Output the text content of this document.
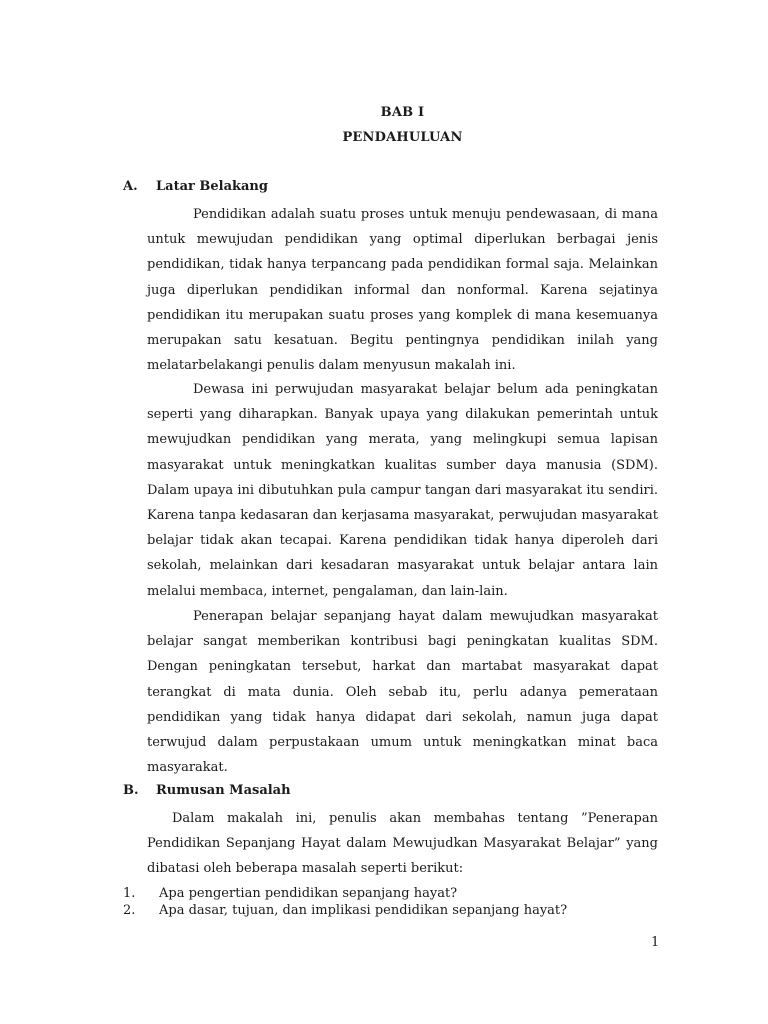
BAB I
PENDAHULUAN
A. Latar Belakang

Pendidikan adalah suatu proses untuk menuju pendewasaan, di mana untuk mewujudan pendidikan yang optimal diperlukan berbagai jenis pendidikan, tidak hanya terpancang pada pendidikan formal saja. Melainkan juga diperlukan pendidikan informal dan nonformal. Karena sejatinya pendidikan itu merupakan suatu proses yang komplek di mana kesemuanya merupakan satu kesatuan. Begitu pentingnya pendidikan inilah yang melatarbelakangi penulis dalam menyusun makalah ini.

Dewasa ini perwujudan masyarakat belajar belum ada peningkatan seperti yang diharapkan. Banyak upaya yang dilakukan pemerintah untuk mewujudkan pendidikan yang merata, yang melingkupi semua lapisan masyarakat untuk meningkatkan kualitas sumber daya manusia (SDM). Dalam upaya ini dibutuhkan pula campur tangan dari masyarakat itu sendiri. Karena tanpa kedasaran dan kerjasama masyarakat, perwujudan masyarakat belajar tidak akan tecapai. Karena pendidikan tidak hanya diperoleh dari sekolah, melainkan dari kesadaran masyarakat untuk belajar antara lain melalui membaca, internet, pengalaman, dan lain-lain.

Penerapan belajar sepanjang hayat dalam mewujudkan masyarakat belajar sangat memberikan kontribusi bagi peningkatan kualitas SDM. Dengan peningkatan tersebut, harkat dan martabat masyarakat dapat terangkat di mata dunia. Oleh sebab itu, perlu adanya pemerataan pendidikan yang tidak hanya didapat dari sekolah, namun juga dapat terwujud dalam perpustakaan umum untuk meningkatkan minat baca masyarakat.

B. Rumusan Masalah

Dalam makalah ini, penulis akan membahas tentang ”Penerapan Pendidikan Sepanjang Hayat dalam Mewujudkan Masyarakat Belajar” yang dibatasi oleh beberapa masalah seperti berikut:

1. Apa pengertian pendidikan sepanjang hayat?
2. Apa dasar, tujuan, dan implikasi pendidikan sepanjang hayat?
1
